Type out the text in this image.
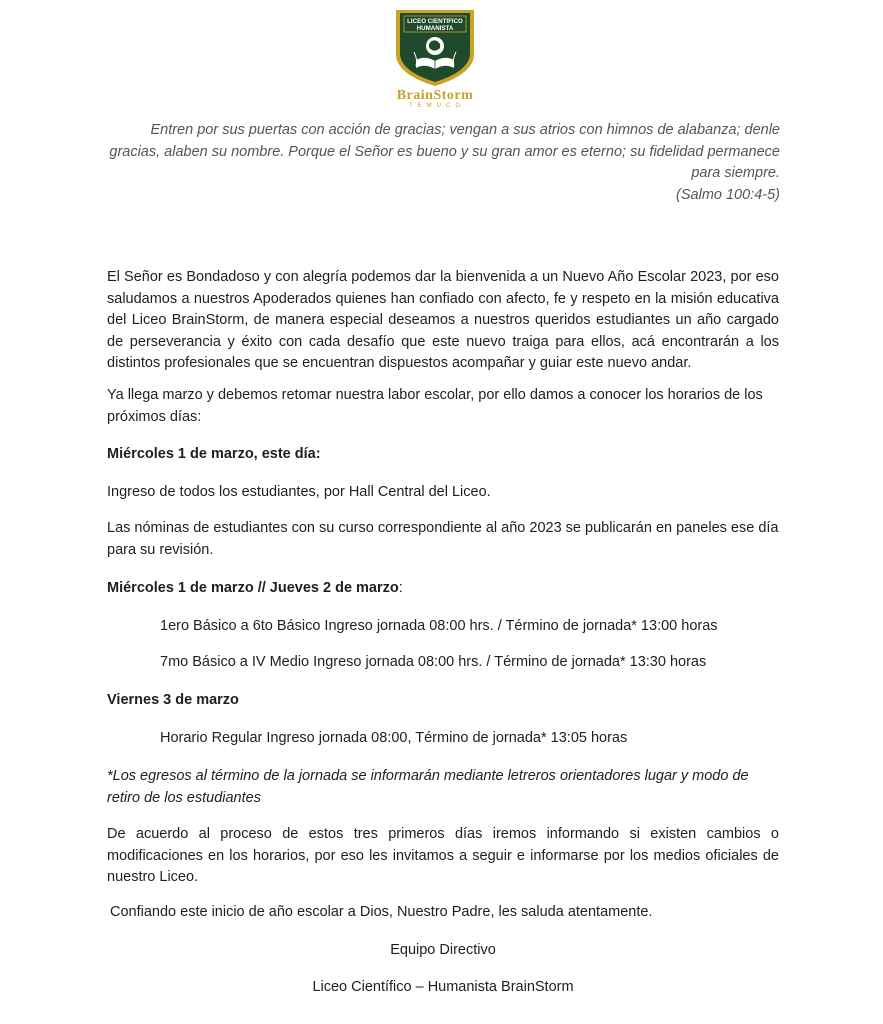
LICEO CIENTIFICO
HUMANISTA
BrainStorm
TEMUCO
Entren por sus puertas con acción de gracias; vengan a sus atrios con himnos de alabanza; denle gracias, alaben su nombre. Porque el Señor es bueno y su gran amor es eterno; su fidelidad permanece para siempre.
(Salmo 100:4-5)
El Señor es Bondadoso y con alegría podemos dar la bienvenida a un Nuevo Año Escolar 2023, por eso saludamos a nuestros Apoderados quienes han confiado con afecto, fe y respeto en la misión educativa del Liceo BrainStorm, de manera especial deseamos a nuestros queridos estudiantes un año cargado de perseverancia y éxito con cada desafío que este nuevo traiga para ellos, acá encontrarán a los distintos profesionales que se encuentran dispuestos acompañar y guiar este nuevo andar.
Ya llega marzo y debemos retomar nuestra labor escolar, por ello damos a conocer los horarios de los próximos días:
Miércoles 1 de marzo, este día:
Ingreso de todos los estudiantes, por Hall Central del Liceo.
Las nóminas de estudiantes con su curso correspondiente al año 2023 se publicarán en paneles ese día para su revisión.
Miércoles 1 de marzo // Jueves 2 de marzo:
1ero Básico a 6to Básico Ingreso jornada 08:00 hrs. / Término de jornada* 13:00 horas
7mo Básico a IV Medio Ingreso jornada 08:00 hrs. / Término de jornada* 13:30 horas
Viernes 3 de marzo
Horario Regular Ingreso jornada 08:00, Término de jornada* 13:05 horas
*Los egresos al término de la jornada se informarán mediante letreros orientadores lugar y modo de retiro de los estudiantes
De acuerdo al proceso de estos tres primeros días iremos informando si existen cambios o modificaciones en los horarios, por eso les invitamos a seguir e informarse por los medios oficiales de nuestro Liceo.
Confiando este inicio de año escolar a Dios, Nuestro Padre, les saluda atentamente.
Equipo Directivo
Liceo Científico – Humanista BrainStorm
